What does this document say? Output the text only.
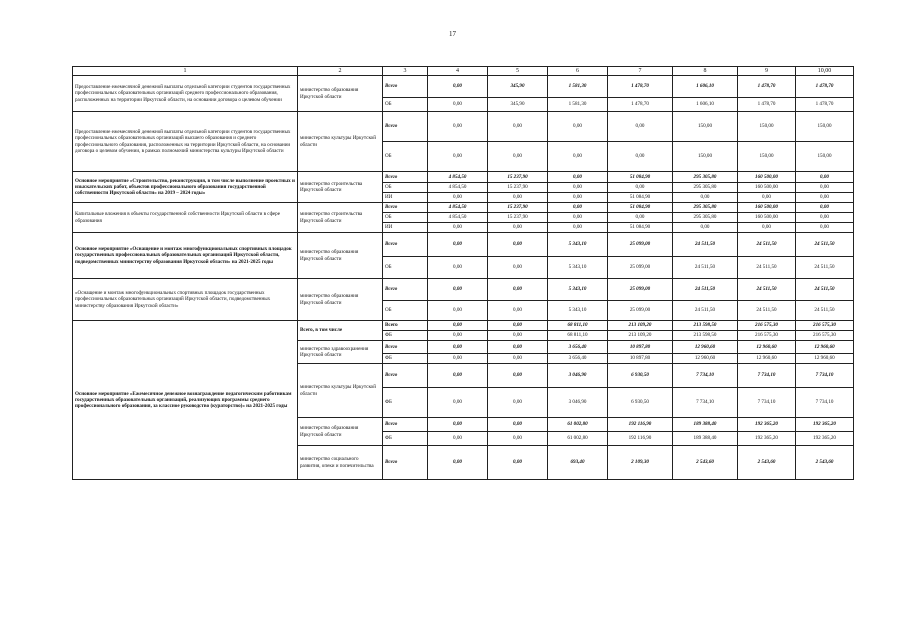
17
1	2	3	4	5	6	7	8	9	10,00
Предоставление ежемесячной денежной выплаты отдельной категории студентов государственных профессиональных образовательных организаций среднего профессионального образования, расположенных на территории Иркутской области, на основании договора о целевом обучении	министерство образования Иркутской области	Всего	0,00	345,90	1 581,30	1 478,70	1 606,10	1 478,70	1 478,70
		ОБ	0,00	345,90	1 581,30	1 478,70	1 606,10	1 478,70	1 478,70
Предоставление ежемесячной денежной выплаты отдельной категории студентов государственных профессиональных образовательных организаций высшего образования и среднего профессионального образования, расположенных на территории Иркутской области, на основании договора о целевом обучении, в рамках полномочий министерства культуры Иркутской области	министерство культуры Иркутской области	Всего	0,00	0,00	0,00	0,00	150,00	150,00	150,00
		ОБ	0,00	0,00	0,00	0,00	150,00	150,00	150,00
Основное мероприятие «Строительство, реконструкция, в том числе выполнение проектных и изыскательских работ, объектов профессионального образования государственной собственности Иркутской области» на 2019 – 2024 годы»	министерство строительства Иркутской области	Всего	4 854,50	15 237,90	0,00	51 084,90	295 305,80	160 500,00	0,00
		ОБ	4 854,50	15 237,90	0,00	0,00	295 305,80	160 500,00	0,00
		ИИ	0,00	0,00	0,00	51 084,90	0,00	0,00	0,00
Капитальные вложения в объекты государственной собственности Иркутской области в сфере образования	министерство строительства Иркутской области	Всего	4 854,50	15 237,90	0,00	51 084,90	295 305,80	160 500,00	0,00
		ОБ	4 854,50	15 237,90	0,00	0,00	295 305,80	160 500,00	0,00
		ИИ	0,00	0,00	0,00	51 084,90	0,00	0,00	0,00
Основное мероприятие «Оснащение и монтаж многофункциональных спортивных площадок государственных профессиональных образовательных организаций Иркутской области, подведомственных министерству образования Иркутской области» на 2021-2025 годы	министерство образования Иркутской области	Всего	0,00	0,00	5 343,10	25 099,00	24 511,50	24 511,50	24 511,50
		ОБ	0,00	0,00	5 343,10	25 099,00	24 511,50	24 511,50	24 511,50
«Оснащение и монтаж многофункциональных спортивных площадок государственных профессиональных образовательных организаций Иркутской области, подведомственных министерству образования Иркутской области»	министерство образования Иркутской области	Всего	0,00	0,00	5 343,10	25 099,00	24 511,50	24 511,50	24 511,50
		ОБ	0,00	0,00	5 343,10	25 099,00	24 511,50	24 511,50	24 511,50
Основное мероприятие «Ежемесячное денежное вознаграждение педагогическим работникам государственных образовательных организаций, реализующих программы среднего профессионального образования, за классное руководство (кураторство)» на 2021-2025 годы	Всего, в том числе	Всего	0,00	0,00	68 811,10	213 109,20	213 598,50	216 575,30	216 575,30
		ФБ	0,00	0,00	68 811,10	213 109,20	213 598,50	216 575,30	216 575,30
	министерство здравоохранения Иркутской области	Всего	0,00	0,00	3 656,40	10 897,80	12 960,60	12 960,60	12 960,60
		ФБ	0,00	0,00	3 656,40	10 897,80	12 960,60	12 960,60	12 960,60
	министерство культуры Иркутской области	Всего	0,00	0,00	3 046,90	6 930,50	7 734,10	7 734,10	7 734,10
		ФБ	0,00	0,00	3 046,90	6 930,50	7 734,10	7 734,10	7 734,10
	министерство образования Иркутской области	Всего	0,00	0,00	61 002,80	192 116,90	189 388,40	192 365,20	192 365,20
		ФБ	0,00	0,00	61 002,80	192 116,90	189 388,40	192 365,20	192 365,20
	министерство социального развития, опеки и попечительства	Всего	0,00	0,00	693,40	2 109,30	2 543,60	2 543,60	2 543,60
